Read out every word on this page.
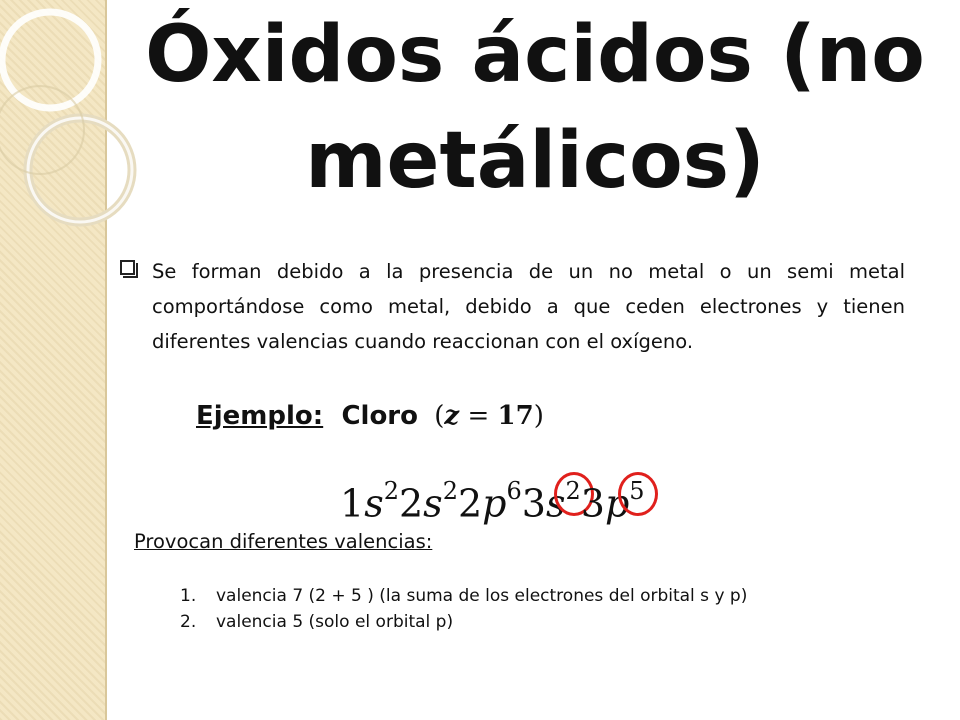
Óxidos ácidos (no metálicos)
Se forman debido a la presencia de un no metal o un semi metal comportándose como metal, debido a que ceden electrones y tienen diferentes valencias cuando reaccionan con el oxígeno.
Ejemplo: Cloro (z = 17)
$1s^22s^22p^63s^2$
$3p^5$
Provocan diferentes valencias:
1. valencia 7 (2 + 5 ) (la suma de los electrones del orbital s y p)
2. valencia 5 (solo el orbital p)
